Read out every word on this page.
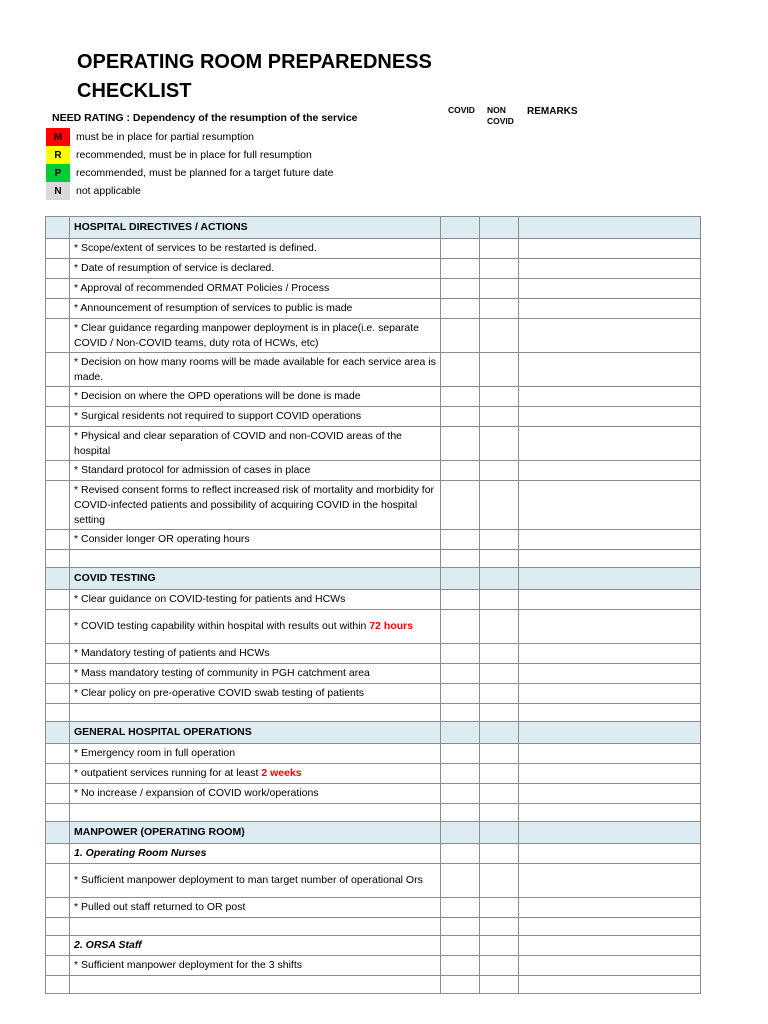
OPERATING ROOM PREPAREDNESS
CHECKLIST
NEED RATING : Dependency of the resumption of the service
COVID NON COVID
REMARKS
M	must be in place for partial resumption
R	recommended, must be in place for full resumption
P	recommended, must be planned for a target future date
N	not applicable
	HOSPITAL DIRECTIVES / ACTIONS			
	* Scope/extent of services to be restarted is defined.			
	* Date of resumption of service is declared.			
	* Approval of recommended ORMAT Policies / Process			
	* Announcement of resumption of services to public is made			
	* Clear guidance regarding manpower deployment is in place(i.e. separate COVID / Non-COVID teams, duty rota of HCWs, etc)			
	* Decision on how many rooms will be made available for each service area is made.			
	* Decision on where the OPD operations will be done is made			
	* Surgical residents not required to support COVID operations			
	* Physical and clear separation of COVID and non-COVID areas of the hospital			
	* Standard protocol for admission of cases in place			
	* Revised consent forms to reflect increased risk of mortality and morbidity for COVID-infected patients and possibility of acquiring COVID in the hospital setting			
	* Consider longer OR operating hours			

	COVID TESTING			
	* Clear guidance on COVID-testing for patients and HCWs			
	* COVID testing capability within hospital with results out within 72 hours			
	* Mandatory testing of patients and HCWs			
	* Mass mandatory testing of community in PGH catchment area			
	* Clear policy on pre-operative COVID swab testing of patients			

	GENERAL HOSPITAL OPERATIONS			
	* Emergency room in full operation			
	* outpatient services running for at least 2 weeks			
	* No increase / expansion of COVID work/operations			

	MANPOWER (OPERATING ROOM)			
	1. Operating Room Nurses			
	* Sufficient manpower deployment to man target number of operational Ors			
	* Pulled out staff returned to OR post			

	2. ORSA Staff			
	* Sufficient manpower deployment for the 3 shifts			
